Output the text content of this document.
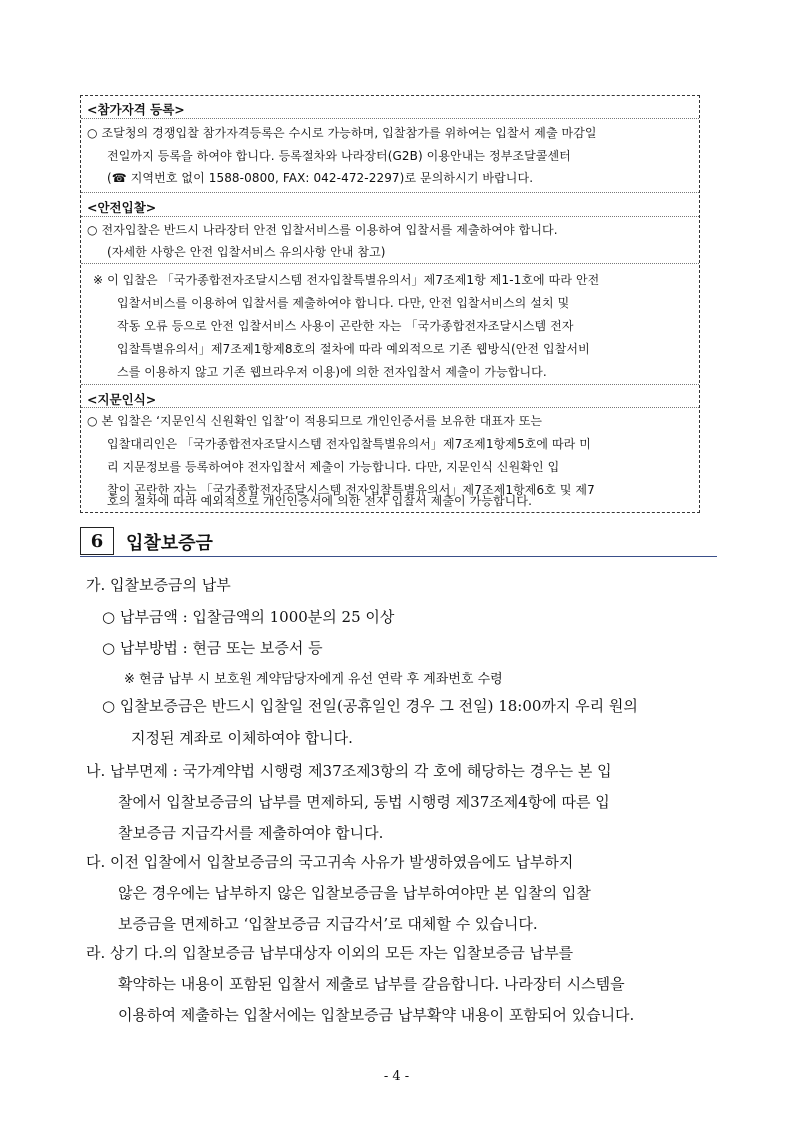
<참가자격 등록>
○ 조달청의 경쟁입찰 참가자격등록은 수시로 가능하며, 입찰참가를 위하여는 입찰서 제출 마감일
전일까지 등록을 하여야 합니다. 등록절차와 나라장터(G2B) 이용안내는 정부조달콜센터
(☎ 지역번호 없이 1588-0800, FAX: 042-472-2297)로 문의하시기 바랍니다.
<안전입찰>
○ 전자입찰은 반드시 나라장터 안전 입찰서비스를 이용하여 입찰서를 제출하여야 합니다.
(자세한 사항은 안전 입찰서비스 유의사항 안내 참고)
※ 이 입찰은 「국가종합전자조달시스템 전자입찰특별유의서」제7조제1항 제1-1호에 따라 안전
입찰서비스를 이용하여 입찰서를 제출하여야 합니다. 다만, 안전 입찰서비스의 설치 및
작동 오류 등으로 안전 입찰서비스 사용이 곤란한 자는 「국가종합전자조달시스템 전자
입찰특별유의서」제7조제1항제8호의 절차에 따라 예외적으로 기존 웹방식(안전 입찰서비
스를 이용하지 않고 기존 웹브라우저 이용)에 의한 전자입찰서 제출이 가능합니다.
<지문인식>
○ 본 입찰은 ‘지문인식 신원확인 입찰’이 적용되므로 개인인증서를 보유한 대표자 또는
입찰대리인은 「국가종합전자조달시스템 전자입찰특별유의서」제7조제1항제5호에 따라 미
리 지문정보를 등록하여야 전자입찰서 제출이 가능합니다. 다만, 지문인식 신원확인 입
찰이 곤란한 자는 「국가종합전자조달시스템 전자입찰특별유의서」제7조제1항제6호 및 제7
호의 절차에 따라 예외적으로 개인인증서에 의한 전자 입찰서 제출이 가능합니다.
6	입찰보증금
가. 입찰보증금의 납부
○ 납부금액 : 입찰금액의 1000분의 25 이상
○ 납부방법 : 현금 또는 보증서 등
※ 현금 납부 시 보호원 계약담당자에게 유선 연락 후 계좌번호 수령
○ 입찰보증금은 반드시 입찰일 전일(공휴일인 경우 그 전일) 18:00까지 우리 원의
지정된 계좌로 이체하여야 합니다.
나. 납부면제 : 국가계약법 시행령 제37조제3항의 각 호에 해당하는 경우는 본 입
찰에서 입찰보증금의 납부를 면제하되, 동법 시행령 제37조제4항에 따른 입
찰보증금 지급각서를 제출하여야 합니다.
다. 이전 입찰에서 입찰보증금의 국고귀속 사유가 발생하였음에도 납부하지
않은 경우에는 납부하지 않은 입찰보증금을 납부하여야만 본 입찰의 입찰
보증금을 면제하고 ‘입찰보증금 지급각서’로 대체할 수 있습니다.
라. 상기 다.의 입찰보증금 납부대상자 이외의 모든 자는 입찰보증금 납부를
확약하는 내용이 포함된 입찰서 제출로 납부를 갈음합니다. 나라장터 시스템을
이용하여 제출하는 입찰서에는 입찰보증금 납부확약 내용이 포함되어 있습니다.
- 4 -
